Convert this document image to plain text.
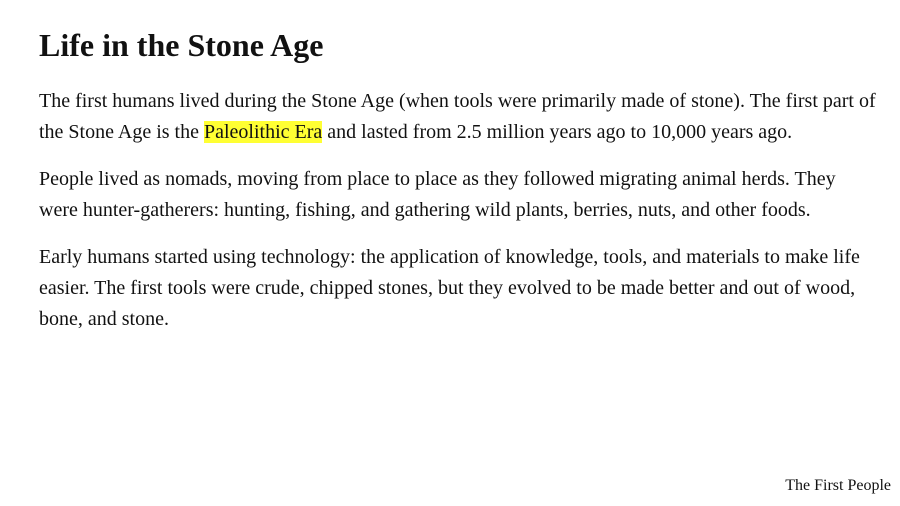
Life in the Stone Age

The first humans lived during the Stone Age (when tools were primarily made of stone). The first part of the Stone Age is the Paleolithic Era and lasted from 2.5 million years ago to 10,000 years ago.

People lived as nomads, moving from place to place as they followed migrating animal herds. They were hunter-gatherers: hunting, fishing, and gathering wild plants, berries, nuts, and other foods.

Early humans started using technology: the application of knowledge, tools, and materials to make life easier. The first tools were crude, chipped stones, but they evolved to be made better and out of wood, bone, and stone.

The First People
